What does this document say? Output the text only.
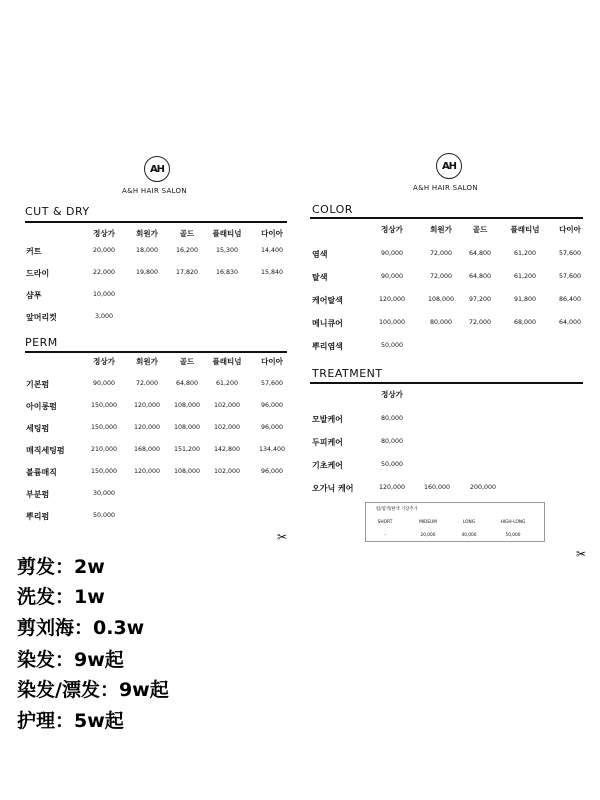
AH
A&H HAIR SALON
AH
A&H HAIR SALON
CUT & DRY
정상가	회원가	골드 플래티넘	다이아
커트	20,000	18,000	16,200	15,300	14,400
드라이	22,000	19,800	17,820	16,830	15,840
샴푸	10,000
앞머리컷	3,000
PERM
정상가	회원가	골드 플래티넘	다이아
기본펌	90,000	72,000	64,800	61,200	57,600
아이롱펌	150,000	120,000 108,000 102,000	96,000
세팅펌	150,000	120,000 108,000 102,000	96,000
매직세팅펌	210,000	168,000 151,200 142,800	134,400
볼륨매직	150,000	120,000 108,000 102,000	96,000
부분펌	30,000
뿌리펌	50,000
COLOR
정상가	회원가	골드	플래티넘	다이아
염색	90,000	72,000	64,800	61,200	57,600
탈색	90,000	72,000	64,800	61,200	57,600
케어탈색	120,000	108,000 97,200	91,800	86,400
메니큐어	100,000	80,000	72,000	68,000	64,000
뿌리염색	50,000
TREATMENT
정상가
모발케어	80,000
두피케어	80,000
기초케어	50,000
오가닉 케어	120,000	160,000	200,000
펌/염색/탈색 기장추가
SHORT	MIDEUM	LONG	HIGH-LONG
-	20,000	40,000	50,000
✂
✂
剪发：2w
洗发：1w
剪刘海：0.3w
染发：9w起
染发/漂发：9w起
护理：5w起
